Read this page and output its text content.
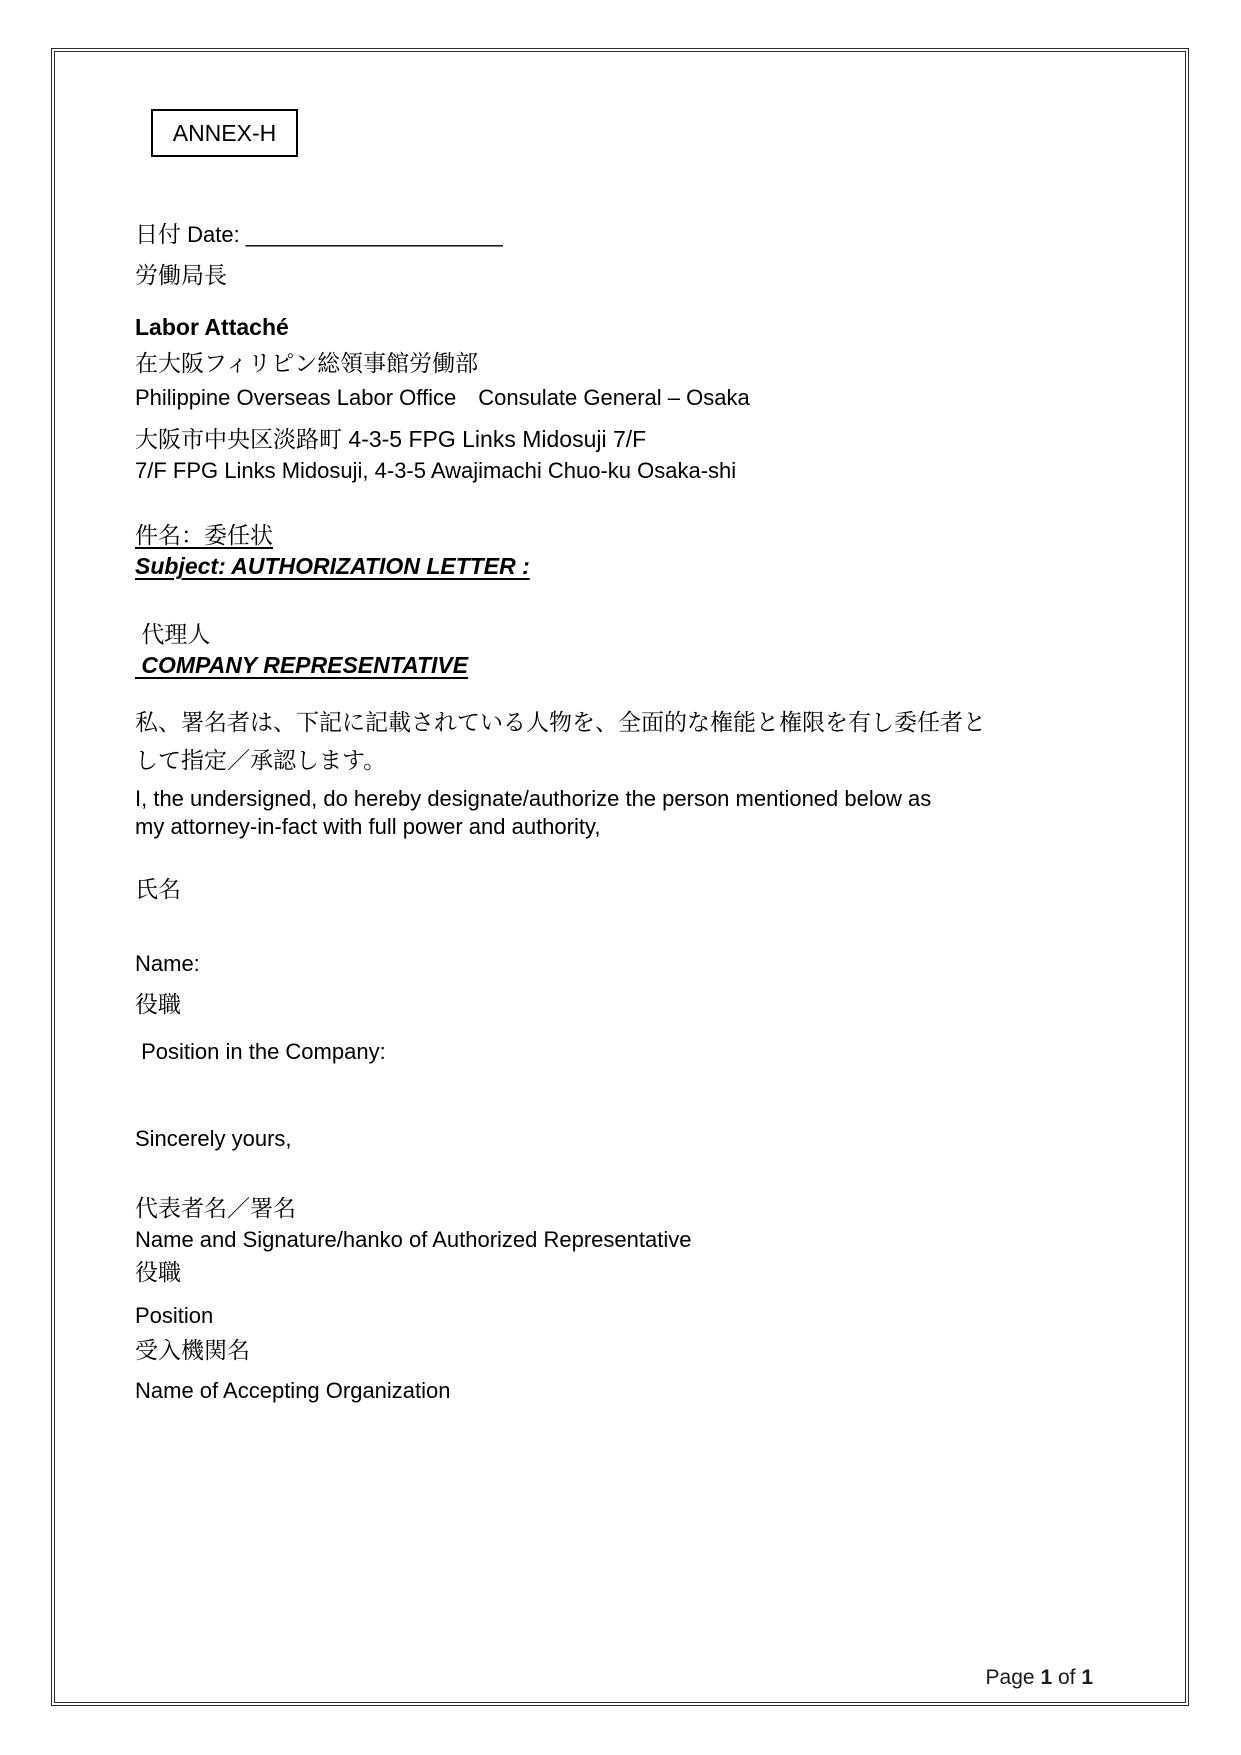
ANNEX-H
日付 Date: _____________________
労働局長
Labor Attaché
在大阪フィリピン総領事館労働部
Philippine Overseas Labor Office　Consulate General – Osaka
大阪市中央区淡路町 4-3-5 FPG Links Midosuji 7/F
7/F FPG Links Midosuji, 4-3-5 Awajimachi Chuo-ku Osaka-shi
件名：委任状
Subject: AUTHORIZATION LETTER :
代理人
COMPANY REPRESENTATIVE
私、署名者は、下記に記載されている人物を、全面的な権能と権限を有し委任者と
して指定／承認します。
I, the undersigned, do hereby designate/authorize the person mentioned below as
my attorney-in-fact with full power and authority,
氏名
Name:
役職
Position in the Company:
Sincerely yours,
代表者名／署名
Name and Signature/hanko of Authorized Representative
役職
Position
受入機関名
Name of Accepting Organization
Page 1 of 1
